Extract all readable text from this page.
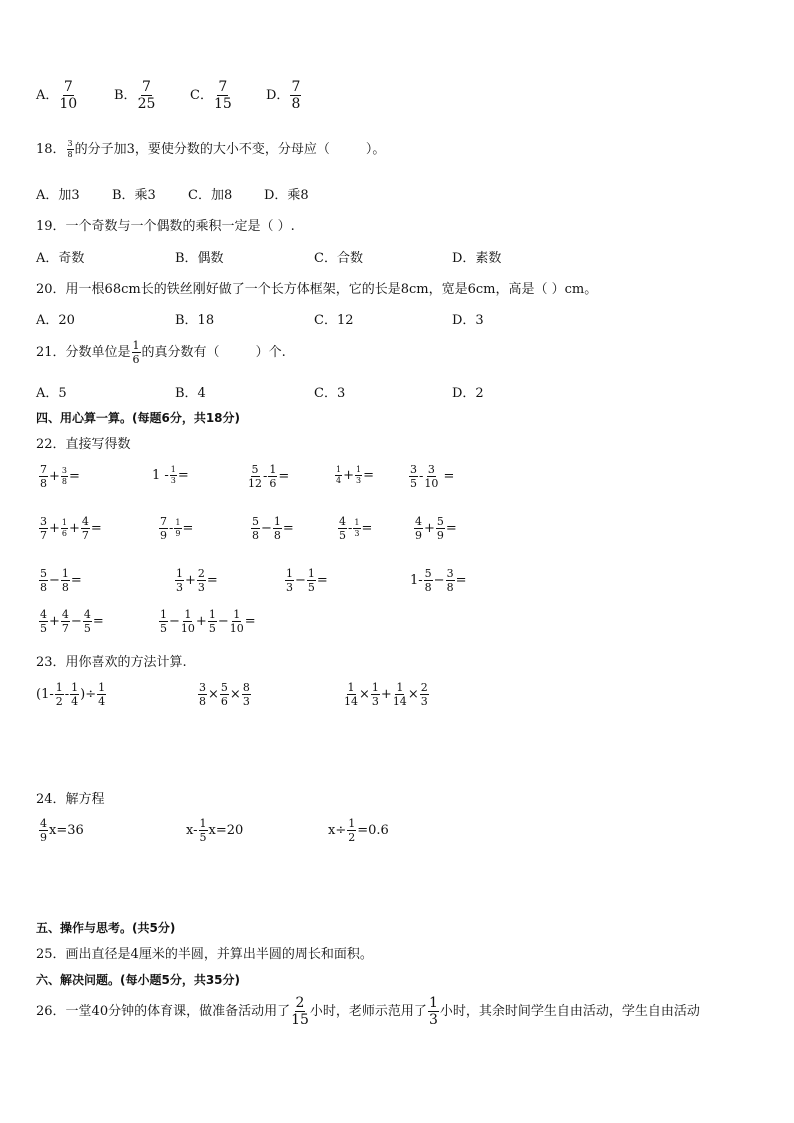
A． $\frac{7}{10}$	B． $\frac{7}{25}$	C． $\frac{7}{15}$	D． $\frac{7}{8}$
18． $\frac{3}{8}$ 的分子加3，要使分数的大小不变，分母应（	）。
A．加3 B．乘3 C．加8 D．乘8
19．一个奇数与一个偶数的乘积一定是（ ）.
A．奇数	B．偶数	C．合数	D．素数
20．用一根68cm长的铁丝刚好做了一个长方体框架，它的长是8cm，宽是6cm，高是（ ）cm。
A．20	B．18	C．12	D．3
21．分数单位是 $\frac{1}{6}$ 的真分数有（	）个.
A．5	B．4	C．3	D．2
四、用心算一算。(每题6分，共18分)
22．直接写得数
$\frac{7}{8} + \frac{3}{8}$ =	$1 - \frac{1}{3}$ =	$\frac{5}{12} - \frac{1}{6}$ =	$\frac{1}{4} + \frac{1}{3}$ =	$\frac{3}{5} - \frac{3}{10}$ =
$\frac{3}{7} + \frac{1}{6} + \frac{4}{7}$ =	$\frac{7}{9} - \frac{1}{9}$ =	$\frac{5}{8} - \frac{1}{8}$ =	$\frac{4}{5} - \frac{1}{3}$ =	$\frac{4}{9} + \frac{5}{9}$ =
$\frac{5}{8} - \frac{1}{8}$ =	$\frac{1}{3} + \frac{2}{3}$ =	$\frac{1}{3} - \frac{1}{5}$ =	$1- \frac{5}{8} - \frac{3}{8}$ =
$\frac{4}{5} + \frac{4}{7} - \frac{4}{5}$ =	$\frac{1}{5} - \frac{1}{10} + \frac{1}{5} - \frac{1}{10}$ =
23．用你喜欢的方法计算.
($1- \frac{1}{2} - \frac{1}{4}$ )÷ $\frac{1}{4}$	$\frac{3}{8} \times \frac{5}{6} \times \frac{8}{3}$	$\frac{1}{14} \times \frac{1}{3} + \frac{1}{14} \times \frac{2}{3}$
24．解方程
$\frac{4}{9} x=36$	$x- \frac{1}{5} x=20$	$x\div \frac{1}{2} =0.6$
五、操作与思考。(共5分)
25．画出直径是4厘米的半圆，并算出半圆的周长和面积。
六、解决问题。(每小题5分，共35分)
26．一堂40分钟的体育课，做准备活动用了 $\frac{2}{15}$ 小时，老师示范用了 $\frac{1}{3}$ 小时，其余时间学生自由活动，学生自由活动
